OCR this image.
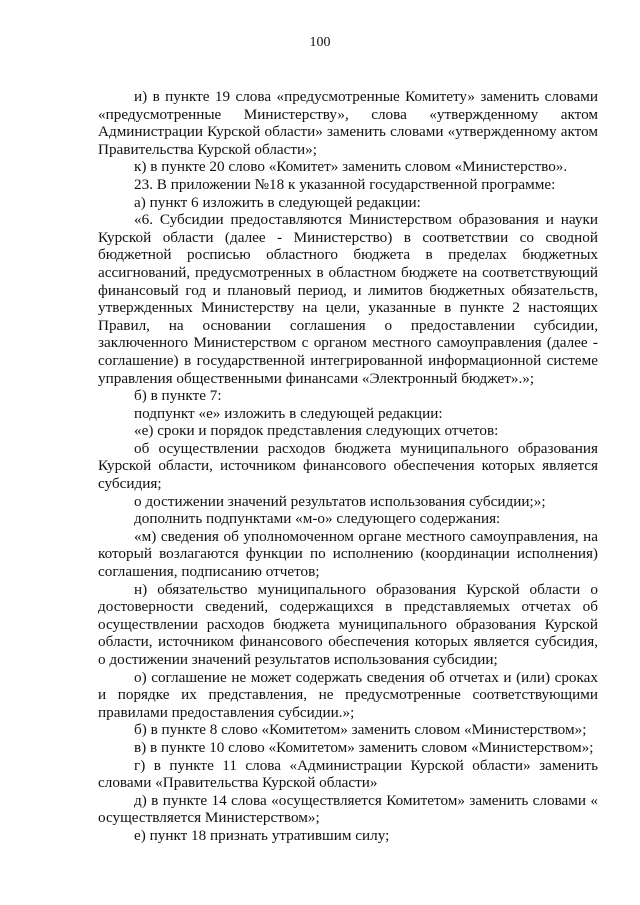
100

и) в пункте 19 слова «предусмотренные Комитету» заменить словами «предусмотренные Министерству», слова «утвержденному актом Администрации Курской области» заменить словами «утвержденному актом Правительства Курской области»;

к) в пункте 20 слово «Комитет» заменить словом «Министерство».

23. В приложении №18 к указанной государственной программе:

а) пункт 6 изложить в следующей редакции:

«6. Субсидии предоставляются Министерством образования и науки Курской области (далее - Министерство) в соответствии со сводной бюджетной росписью областного бюджета в пределах бюджетных ассигнований, предусмотренных в областном бюджете на соответствующий финансовый год и плановый период, и лимитов бюджетных обязательств, утвержденных Министерству на цели, указанные в пункте 2 настоящих Правил, на основании соглашения о предоставлении субсидии, заключенного Министерством с органом местного самоуправления (далее - соглашение) в государственной интегрированной информационной системе управления общественными финансами «Электронный бюджет».»;

б) в пункте 7:

подпункт «е» изложить в следующей редакции:

«е) сроки и порядок представления следующих отчетов:

об осуществлении расходов бюджета муниципального образования Курской области, источником финансового обеспечения которых является субсидия;

о достижении значений результатов использования субсидии;»;

дополнить подпунктами «м-о» следующего содержания:

«м) сведения об уполномоченном органе местного самоуправления, на который возлагаются функции по исполнению (координации исполнения) соглашения, подписанию отчетов;

н) обязательство муниципального образования Курской области о достоверности сведений, содержащихся в представляемых отчетах об осуществлении расходов бюджета муниципального образования Курской области, источником финансового обеспечения которых является субсидия, о достижении значений результатов использования субсидии;

о) соглашение не может содержать сведения об отчетах и (или) сроках и порядке их представления, не предусмотренные соответствующими правилами предоставления субсидии.»;

б) в пункте 8 слово «Комитетом» заменить словом «Министерством»;

в) в пункте 10 слово «Комитетом» заменить словом «Министерством»;

г) в пункте 11 слова «Администрации Курской области» заменить словами «Правительства Курской области»

д) в пункте 14 слова «осуществляется Комитетом» заменить словами « осуществляется Министерством»;

е) пункт 18 признать утратившим силу;
